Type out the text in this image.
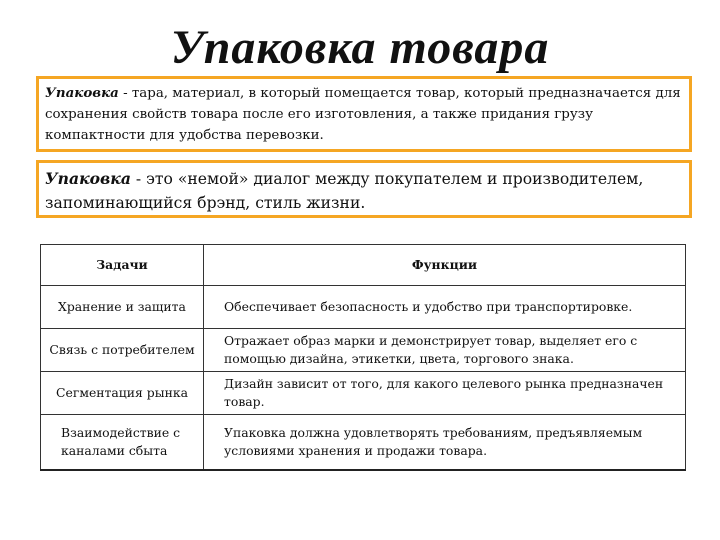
Упаковка товара
Упаковка - тара, материал, в который помещается товар, который предназначается для сохранения свойств товара после его изготовления, а также придания грузу компактности для удобства перевозки.
Упаковка - это «немой» диалог между покупателем и производителем, запоминающийся брэнд, стиль жизни.
Задачи	Функции
Хранение и защита	Обеспечивает безопасность и удобство при транспортировке.
Связь с потребителем	Отражает образ марки и демонстрирует товар, выделяет его с помощью дизайна, этикетки, цвета, торгового знака.
Сегментация рынка	Дизайн зависит от того, для какого целевого рынка предназначен товар.
Взаимодействие с каналами сбыта	Упаковка должна удовлетворять требованиям, предъявляемым условиями хранения и продажи товара.
